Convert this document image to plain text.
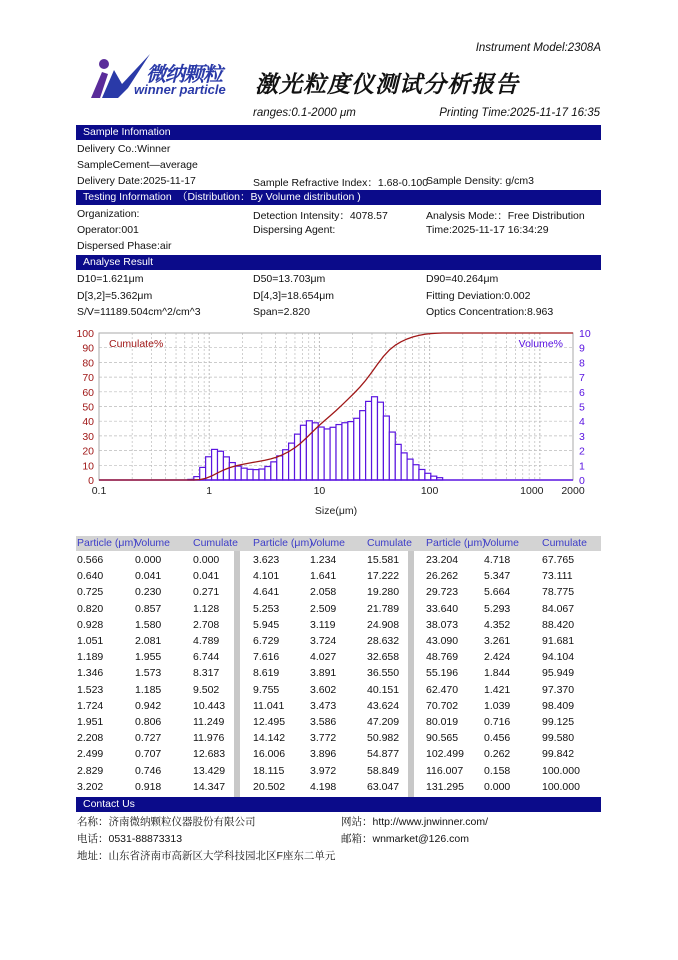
Instrument Model:2308A
微纳颗粒
winner particle 激光粒度仪测试分析报告
ranges:0.1-2000 μm	Printing Time:2025-11-17 16:35
Sample Infomation
Delivery Co.:Winner
SampleCement—average
Delivery Date:2025-11-17	Sample Refractive Index：1.68-0.100
Sample Density: g/cm3
Testing Information　（Distribution：By Volume distribution )
Organization:	Detection Intensity：4078.57	Analysis Mode:：Free Distribution
Operator:001	Dispersing Agent:	Time:2025-11-17 16:34:29
Dispersed Phase:air
Analyse Result
D10=1.621μm	D50=13.703μm	D90=40.264μm
D[3,2]=5.362μm	D[4,3]=18.654μm	Fitting Deviation:0.002
S/V=11189.504cm^2/cm^3	Span=2.820	Optics Concentration:8.963
0
10
20
30
40
50
60
70
80
90
100
0
1
2
3
4
5
6
7
8
9
10
0.1	1	10	100	1000 2000
Cumulate%	Volume%
Size(μm)
Particle (μm)
Volume Cumulate Particle (μm)
Volume Cumulate Particle (μm)
Volume Cumulate
0.566	0.000	0.000
0.640	0.041	0.041
0.725	0.230	0.271
0.820	0.857	1.128
0.928	1.580	2.708
1.051	2.081	4.789
1.189	1.955	6.744
1.346	1.573	8.317
1.523	1.185	9.502
1.724	0.942	10.443
1.951	0.806	11.249
2.208	0.727	11.976
2.499	0.707	12.683
2.829	0.746	13.429
3.202	0.918	14.347
3.623	1.234	15.581
4.101	1.641	17.222
4.641	2.058	19.280
5.253	2.509	21.789
5.945	3.119	24.908
6.729	3.724	28.632
7.616	4.027	32.658
8.619	3.891	36.550
9.755	3.602	40.151
11.041 3.473	43.624
12.495 3.586	47.209
14.142 3.772	50.982
16.006 3.896	54.877
18.115 3.972	58.849
20.502 4.198	63.047
23.204 4.718	67.765
26.262 5.347	73.111
29.723 5.664	78.775
33.640 5.293	84.067
38.073 4.352	88.420
43.090 3.261	91.681
48.769 2.424	94.104
55.196 1.844	95.949
62.470 1.421	97.370
70.702 1.039	98.409
80.019 0.716	99.125
90.565 0.456	99.580
102.499 0.262	99.842
116.007 0.158	100.000
131.295 0.000	100.000
Contact Us
名称：济南微纳颗粒仪器股份有限公司	网站：http://www.jnwinner.com/
电话：0531-88873313	邮箱：wnmarket@126.com
地址：山东省济南市高新区大学科技园北区F座东二单元
